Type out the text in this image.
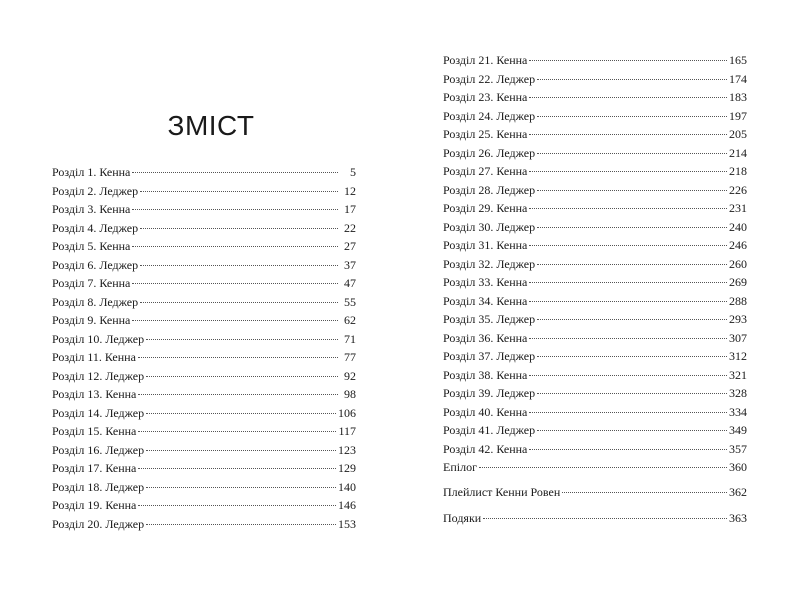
ЗМІСТ
Розділ 1. Кенна	5
Розділ 2. Леджер	12
Розділ 3. Кенна	17
Розділ 4. Леджер	22
Розділ 5. Кенна	27
Розділ 6. Леджер	37
Розділ 7. Кенна	47
Розділ 8. Леджер	55
Розділ 9. Кенна	62
Розділ 10. Леджер	71
Розділ 11. Кенна	77
Розділ 12. Леджер	92
Розділ 13. Кенна	98
Розділ 14. Леджер	106
Розділ 15. Кенна	117
Розділ 16. Леджер	123
Розділ 17. Кенна	129
Розділ 18. Леджер	140
Розділ 19. Кенна	146
Розділ 20. Леджер	153
Розділ 21. Кенна	165
Розділ 22. Леджер	174
Розділ 23. Кенна	183
Розділ 24. Леджер	197
Розділ 25. Кенна	205
Розділ 26. Леджер	214
Розділ 27. Кенна	218
Розділ 28. Леджер	226
Розділ 29. Кенна	231
Розділ 30. Леджер	240
Розділ 31. Кенна	246
Розділ 32. Леджер	260
Розділ 33. Кенна	269
Розділ 34. Кенна	288
Розділ 35. Леджер	293
Розділ 36. Кенна	307
Розділ 37. Леджер	312
Розділ 38. Кенна	321
Розділ 39. Леджер	328
Розділ 40. Кенна	334
Розділ 41. Леджер	349
Розділ 42. Кенна	357
Епілог	360
Плейлист Кенни Ровен	362
Подяки	363
